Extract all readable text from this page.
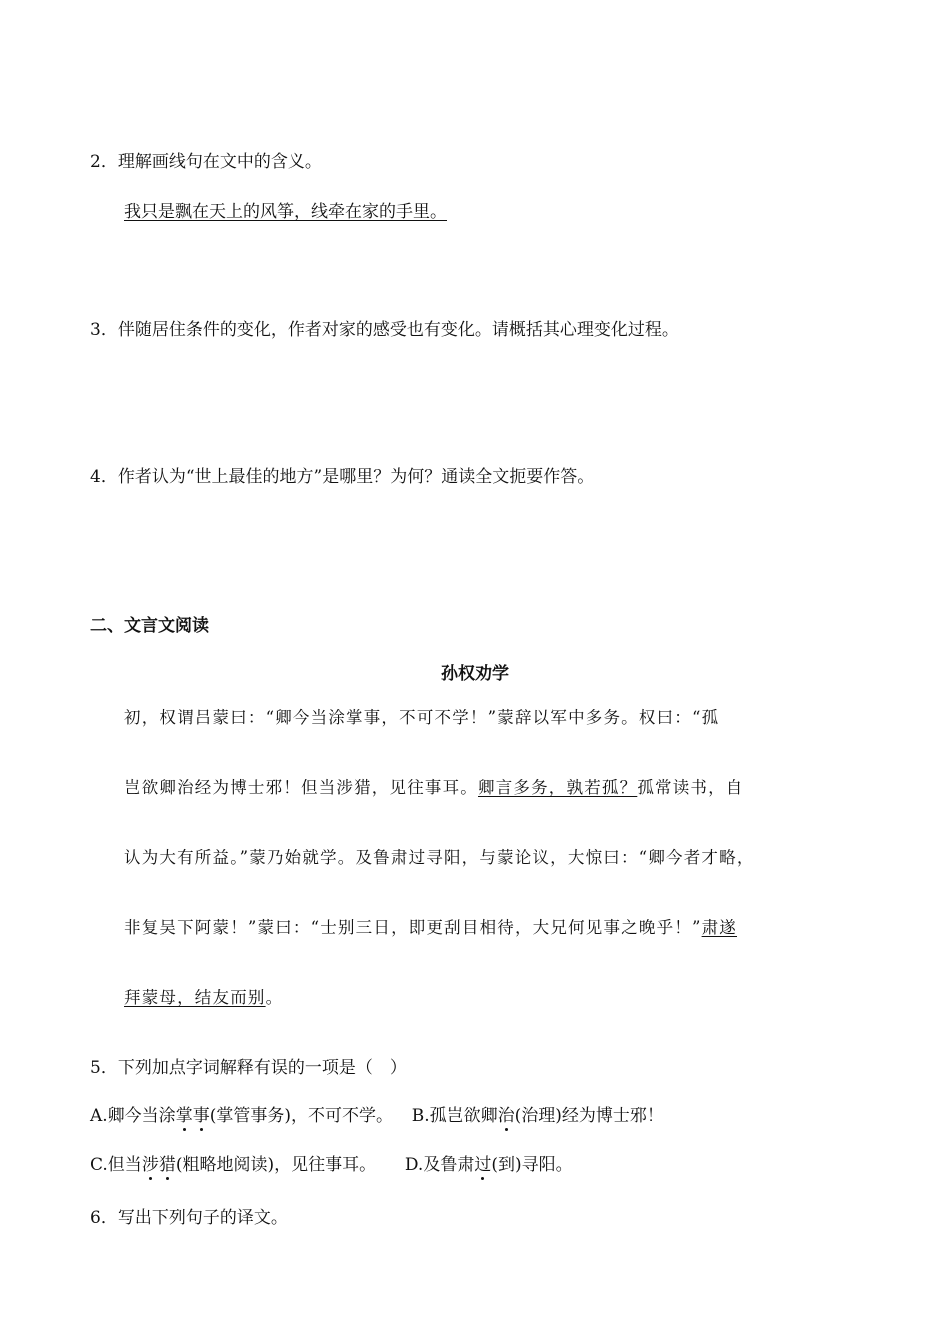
2．理解画线句在文中的含义。
我只是飘在天上的风筝，线牵在家的手里。
3．伴随居住条件的变化，作者对家的感受也有变化。请概括其心理变化过程。
4．作者认为“世上最佳的地方”是哪里？为何？通读全文扼要作答。
二、文言文阅读
孙权劝学
初，权谓吕蒙曰：“卿今当涂掌事，不可不学！”蒙辞以军中多务。权曰：“孤
岂欲卿治经为博士邪！但当涉猎，见往事耳。卿言多务，孰若孤？孤常读书，自
认为大有所益。”蒙乃始就学。及鲁肃过寻阳，与蒙论议，大惊曰：“卿今者才略，
非复吴下阿蒙！”蒙曰：“士别三日，即更刮目相待，大兄何见事之晚乎！”肃遂
拜蒙母，结友而别。
5．下列加点字词解释有误的一项是（　）
A.卿今当涂掌事(掌管事务)，不可不学。 B.孤岂欲卿治(治理)经为博士邪！
C.但当涉猎(粗略地阅读)，见往事耳。 D.及鲁肃过(到)寻阳。
6．写出下列句子的译文。
